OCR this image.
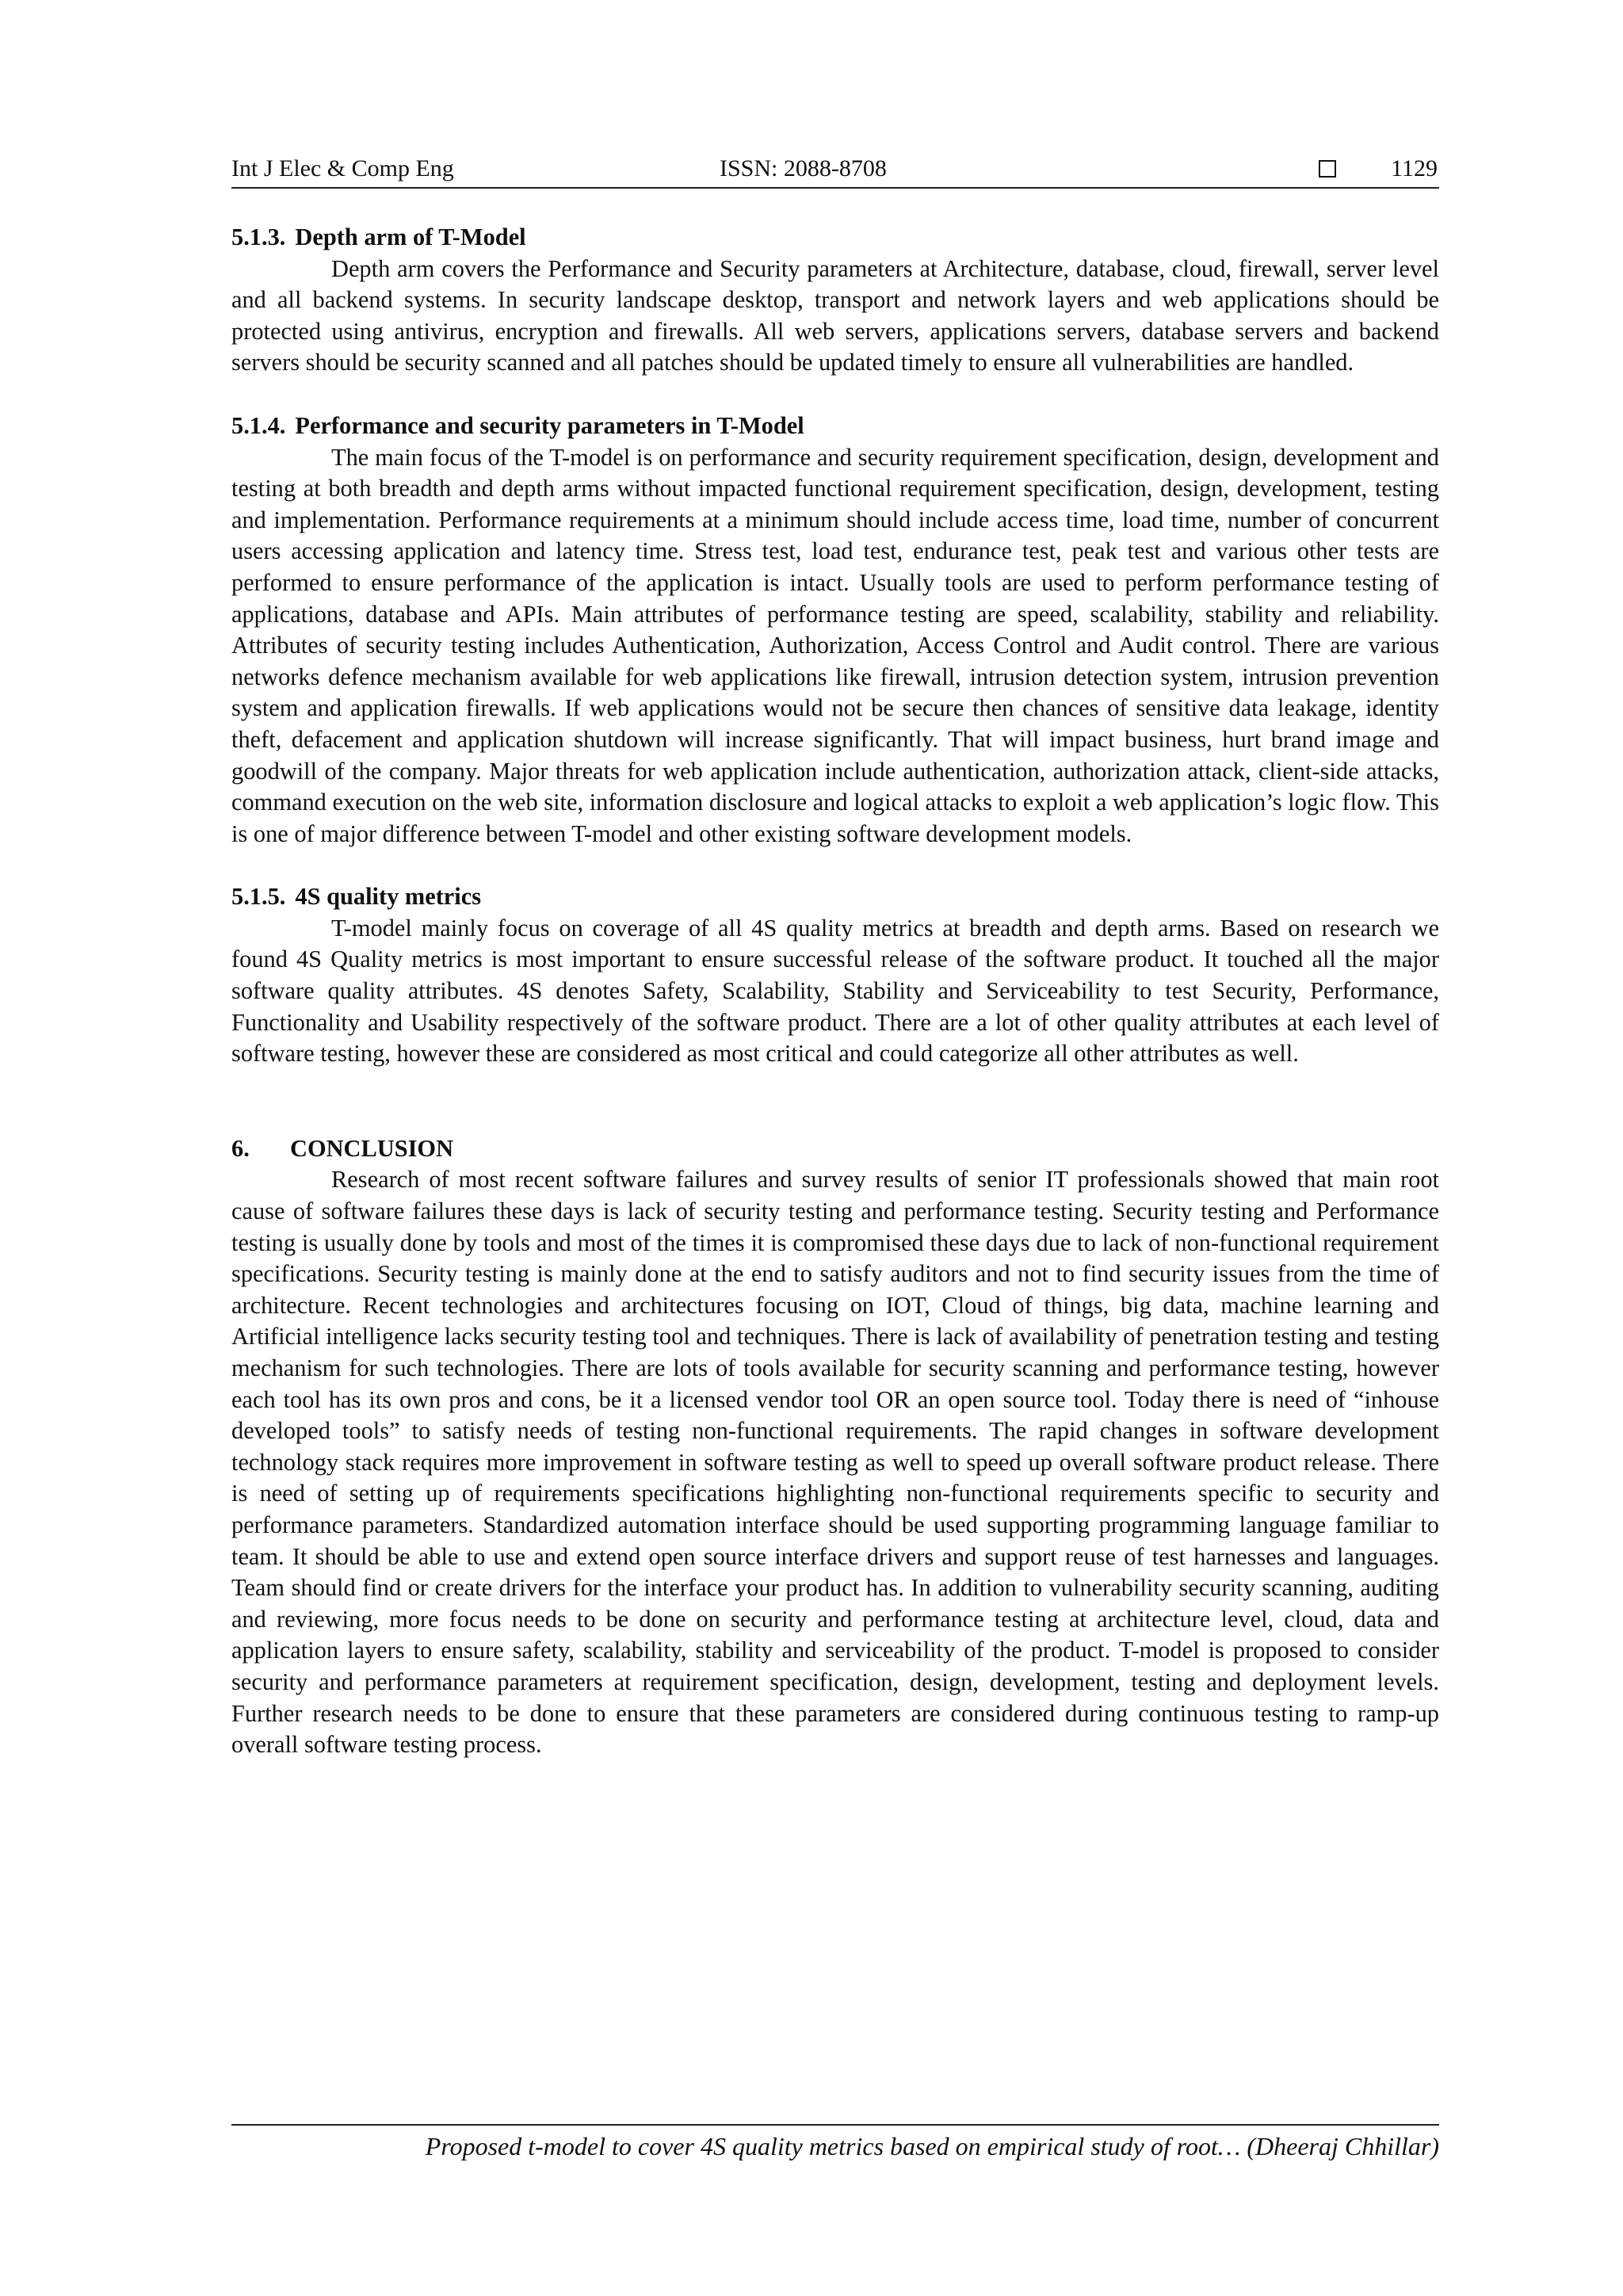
Int J Elec & Comp Eng	ISSN: 2088-8708	1129
5.1.3. Depth arm of T-Model

Depth arm covers the Performance and Security parameters at Architecture, database, cloud, firewall, server level and all backend systems. In security landscape desktop, transport and network layers and web applications should be protected using antivirus, encryption and firewalls. All web servers, applications servers, database servers and backend servers should be security scanned and all patches should be updated timely to ensure all vulnerabilities are handled.

5.1.4. Performance and security parameters in T-Model

The main focus of the T-model is on performance and security requirement specification, design, development and testing at both breadth and depth arms without impacted functional requirement specification, design, development, testing and implementation. Performance requirements at a minimum should include access time, load time, number of concurrent users accessing application and latency time. Stress test, load test, endurance test, peak test and various other tests are performed to ensure performance of the application is intact. Usually tools are used to perform performance testing of applications, database and APIs. Main attributes of performance testing are speed, scalability, stability and reliability. Attributes of security testing includes Authentication, Authorization, Access Control and Audit control. There are various networks defence mechanism available for web applications like firewall, intrusion detection system, intrusion prevention system and application firewalls. If web applications would not be secure then chances of sensitive data leakage, identity theft, defacement and application shutdown will increase significantly. That will impact business, hurt brand image and goodwill of the company. Major threats for web application include authentication, authorization attack, client-side attacks, command execution on the web site, information disclosure and logical attacks to exploit a web application’s logic flow. This is one of major difference between T-model and other existing software development models.

5.1.5. 4S quality metrics

T-model mainly focus on coverage of all 4S quality metrics at breadth and depth arms. Based on research we found 4S Quality metrics is most important to ensure successful release of the software product. It touched all the major software quality attributes. 4S denotes Safety, Scalability, Stability and Serviceability to test Security, Performance, Functionality and Usability respectively of the software product. There are a lot of other quality attributes at each level of software testing, however these are considered as most critical and could categorize all other attributes as well.

6. CONCLUSION

Research of most recent software failures and survey results of senior IT professionals showed that main root cause of software failures these days is lack of security testing and performance testing. Security testing and Performance testing is usually done by tools and most of the times it is compromised these days due to lack of non-functional requirement specifications. Security testing is mainly done at the end to satisfy auditors and not to find security issues from the time of architecture. Recent technologies and architectures focusing on IOT, Cloud of things, big data, machine learning and Artificial intelligence lacks security testing tool and techniques. There is lack of availability of penetration testing and testing mechanism for such technologies. There are lots of tools available for security scanning and performance testing, however each tool has its own pros and cons, be it a licensed vendor tool OR an open source tool. Today there is need of “inhouse developed tools” to satisfy needs of testing non-functional requirements. The rapid changes in software development technology stack requires more improvement in software testing as well to speed up overall software product release. There is need of setting up of requirements specifications highlighting non-functional requirements specific to security and performance parameters. Standardized automation interface should be used supporting programming language familiar to team. It should be able to use and extend open source interface drivers and support reuse of test harnesses and languages. Team should find or create drivers for the interface your product has. In addition to vulnerability security scanning, auditing and reviewing, more focus needs to be done on security and performance testing at architecture level, cloud, data and application layers to ensure safety, scalability, stability and serviceability of the product. T-model is proposed to consider security and performance parameters at requirement specification, design, development, testing and deployment levels. Further research needs to be done to ensure that these parameters are considered during continuous testing to ramp-up overall software testing process.

Proposed t-model to cover 4S quality metrics based on empirical study of root… (Dheeraj Chhillar)
